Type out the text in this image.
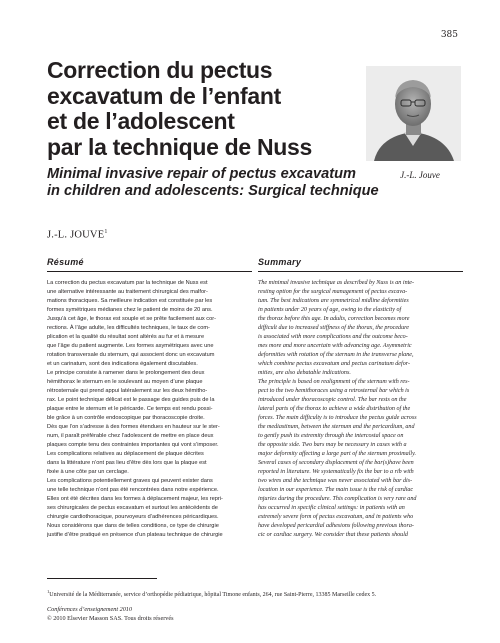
385
Correction du pectus
excavatum de l’enfant
et de l’adolescent
par la technique de Nuss
Minimal invasive repair of pectus excavatum
in children and adolescents: Surgical technique
J.-L. Jouve
J.-L. JOUVE$^1$
Résumé	Summary
La correction du pectus excavatum par la technique de Nuss est
une alternative intéressante au traitement chirurgical des malfor-
mations thoraciques. Sa meilleure indication est constituée par les
formes symétriques médianes chez le patient de moins de 20 ans.
Jusqu’à cet âge, le thorax est souple et se prête facilement aux cor-
rections. À l’âge adulte, les difficultés techniques, le taux de com-
plication et la qualité du résultat sont altérés au fur et à mesure
que l’âge du patient augmente. Les formes asymétriques avec une
rotation transversale du sternum, qui associent donc un excavatum
et un carinatum, sont des indications également discutables.
Le principe consiste à ramener dans le prolongement des deux
hémithorax le sternum en le soulevant au moyen d’une plaque
rétrosternale qui prend appui latéralement sur les deux hémitho-
rax. Le point technique délicat est le passage des guides puis de la
plaque entre le sternum et le péricarde. Ce temps est rendu possi-
ble grâce à un contrôle endoscopique par thoracoscopie droite.
Dès que l’on s’adresse à des formes étendues en hauteur sur le ster-
num, il paraît préférable chez l’adolescent de mettre en place deux
plaques compte tenu des contraintes importantes qui vont s’imposer.
Les complications relatives au déplacement de plaque décrites
dans la littérature n’ont pas lieu d’être dès lors que la plaque est
fixée à une côte par un cerclage.
Les complications potentiellement graves qui peuvent exister dans
une telle technique n’ont pas été rencontrées dans notre expérience.
Elles ont été décrites dans les formes à déplacement majeur, les repri-
ses chirurgicales de pectus excavatum et surtout les antécédents de
chirurgie cardiothoracique, pourvoyeurs d’adhérences péricardiques.
Nous considérons que dans de telles conditions, ce type de chirurgie
justifie d’être pratiqué en présence d’un plateau technique de chirurgie
The minimal invasive technique as described by Nuss is an inte-
resting option for the surgical management of pectus excava-
tum. The best indications are symmetrical midline deformities
in patients under 20 years of age, owing to the elasticity of
the thorax before this age. In adults, correction becomes more
difficult due to increased stiffness of the thorax, the procedure
is associated with more complications and the outcome beco-
mes more and more uncertain with advancing age. Asymmetric
deformities with rotation of the sternum in the transverse plane,
which combine pectus excavatum and pectus carinatum defor-
mities, are also debatable indications.
The principle is based on realignment of the sternum with res-
pect to the two hemithoraces using a retrosternal bar which is
introduced under thoracoscopic control. The bar rests on the
lateral parts of the thorax to achieve a wide distribution of the
forces. The main difficulty is to introduce the pectus guide across
the mediastinum, between the sternum and the pericardium, and
to gently push its extremity through the intercostal space on
the opposite side. Two bars may be necessary in cases with a
major deformity affecting a large part of the sternum proximally.
Several cases of secondary displacement of the bar(s)have been
reported in literature. We systematically fix the bar to a rib with
two wires and the technique was never associated with bar dis-
location in our experience. The main issue is the risk of cardiac
injuries during the procedure. This complication is very rare and
has occurred in specific clinical settings: in patients with an
extremely severe form of pectus excavatum, and in patients who
have developed pericardial adhesions following previous thora-
cic or cardiac surgery. We consider that these patients should
$^1$Université de la Méditerranée, service d’orthopédie pédiatrique, hôpital Timone enfants, 264, rue Saint-Pierre, 13385 Marseille cedex 5.
Conférences d’enseignement 2010
© 2010 Elsevier Masson SAS. Tous droits réservés
